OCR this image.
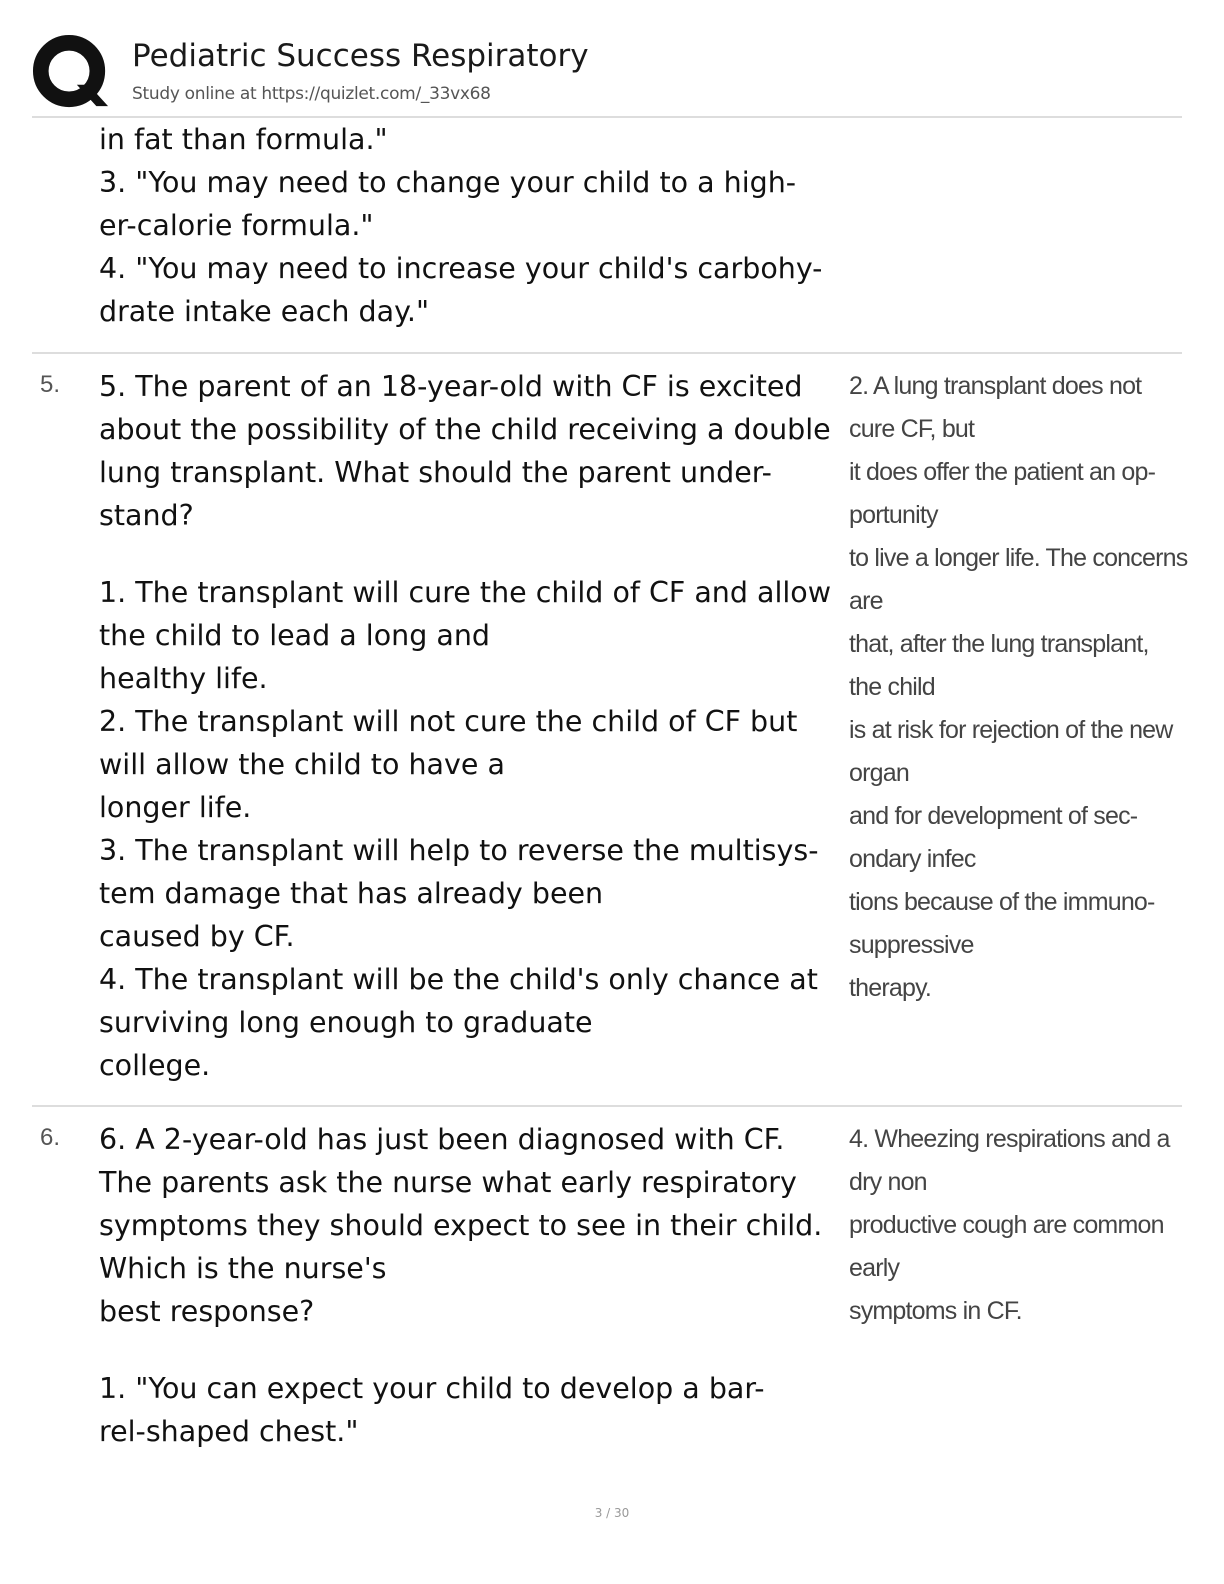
Pediatric Success Respiratory
Study online at https://quizlet.com/_33vx68
in fat than formula."
3. "You may need to change your child to a high-
er-calorie formula."
4. "You may need to increase your child's carbohy-
drate intake each day."
5. 5. The parent of an 18-year-old with CF is excited
about the possibility of the child receiving a double
lung transplant. What should the parent under-
stand?
1. The transplant will cure the child of CF and allow
the child to lead a long and
healthy life.
2. The transplant will not cure the child of CF but
will allow the child to have a
longer life.
3. The transplant will help to reverse the multisys-
tem damage that has already been
caused by CF.
4. The transplant will be the child's only chance at
surviving long enough to graduate
college.
2. A lung transplant does not
cure CF, but
it does offer the patient an op-
portunity
to live a longer life. The concerns
are
that, after the lung transplant,
the child
is at risk for rejection of the new
organ
and for development of sec-
ondary infec
tions because of the immuno-
suppressive
therapy.
6. 6. A 2-year-old has just been diagnosed with CF.
The parents ask the nurse what early respiratory
symptoms they should expect to see in their child.
Which is the nurse's
best response?
1. "You can expect your child to develop a bar-
rel-shaped chest."
4. Wheezing respirations and a
dry non
productive cough are common
early
symptoms in CF.
3 / 30
